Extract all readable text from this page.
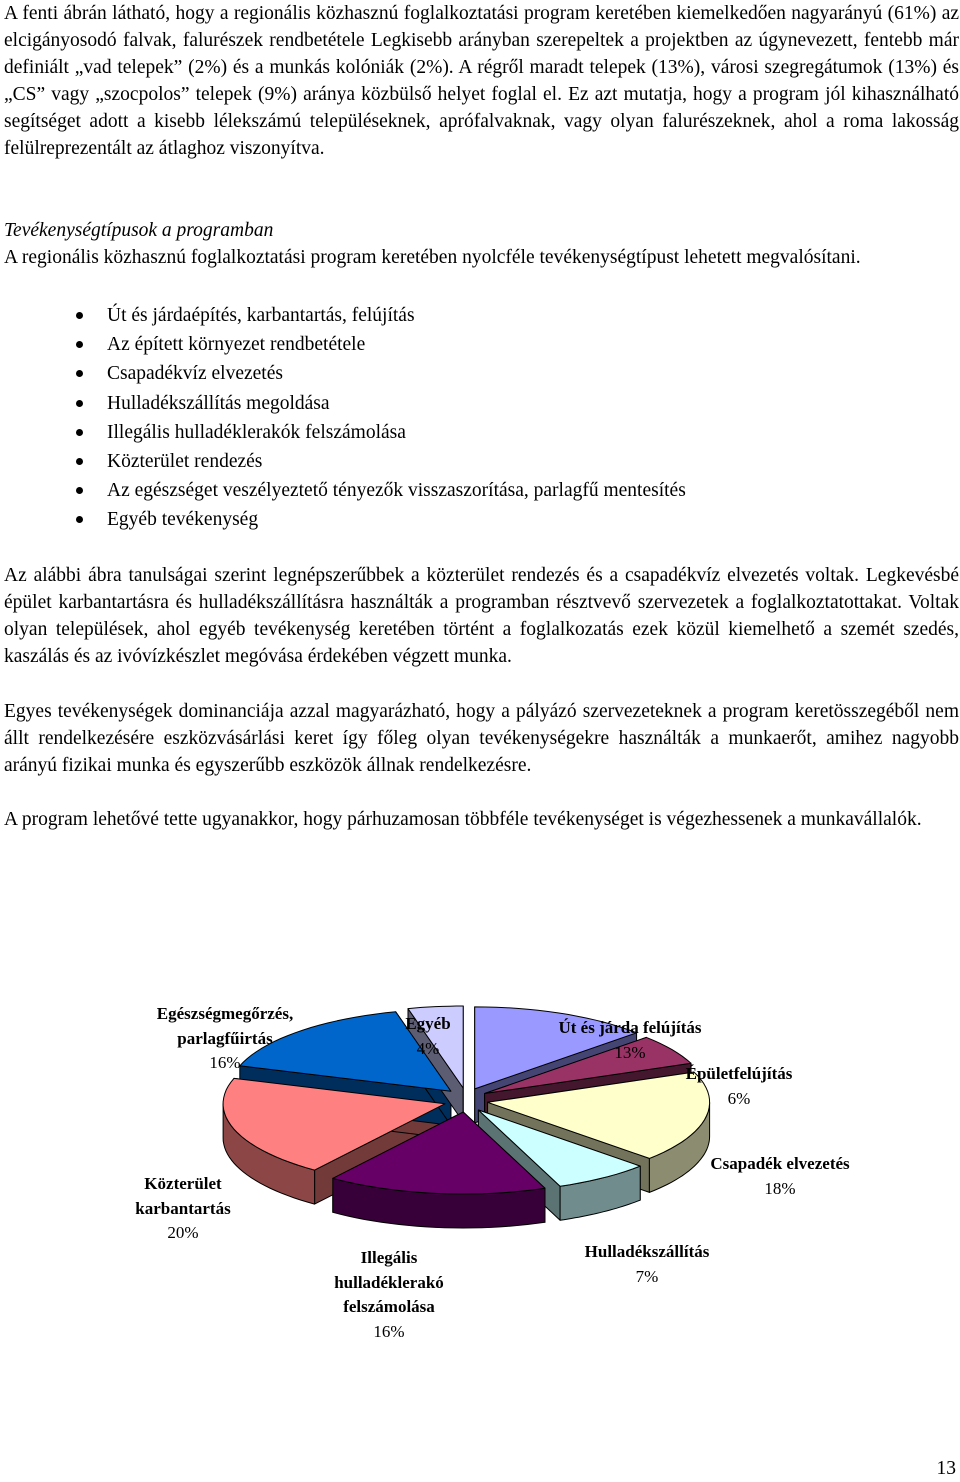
A fenti ábrán látható, hogy a regionális közhasznú foglalkoztatási program keretében kiemelkedően nagyarányú (61%) az elcigányosodó falvak, falurészek rendbetétele Legkisebb arányban szerepeltek a projektben az úgynevezett, fentebb már definiált „vad telepek” (2%) és a munkás kolóniák (2%). A régről maradt telepek (13%), városi szegregátumok (13%) és „CS” vagy „szocpolos” telepek (9%) aránya közbülső helyet foglal el. Ez azt mutatja, hogy a program jól kihasználható segítséget adott a kisebb lélekszámú településeknek, aprófalvaknak, vagy olyan falurészeknek, ahol a roma lakosság felülreprezentált az átlaghoz viszonyítva.

Tevékenységtípusok a programban

A regionális közhasznú foglalkoztatási program keretében nyolcféle tevékenységtípust lehetett megvalósítani.

Út és járdaépítés, karbantartás, felújítás
Az épített környezet rendbetétele
Csapadékvíz elvezetés
Hulladékszállítás megoldása
Illegális hulladéklerakók felszámolása
Közterület rendezés
Az egészséget veszélyeztető tényezők visszaszorítása, parlagfű mentesítés
Egyéb tevékenység

Az alábbi ábra tanulságai szerint legnépszerűbbek a közterület rendezés és a csapadékvíz elvezetés voltak. Legkevésbé épület karbantartásra és hulladékszállításra használták a programban résztvevő szervezetek a foglalkoztatottakat. Voltak olyan települések, ahol egyéb tevékenység keretében történt a foglalkozatás ezek közül kiemelhető a szemét szedés, kaszálás és az ivóvízkészlet megóvása érdekében végzett munka.

Egyes tevékenységek dominanciája azzal magyarázható, hogy a pályázó szervezeteknek a program keretösszegéből nem állt rendelkezésére eszközvásárlási keret így főleg olyan tevékenységekre használták a munkaerőt, amihez nagyobb arányú fizikai munka és egyszerűbb eszközök állnak rendelkezésre.

A program lehetővé tette ugyanakkor, hogy párhuzamosan többféle tevékenységet is végezhessenek a munkavállalók.

Út és járda felújítás
13%
Épületfelújítás
6%
Csapadék elvezetés
18%
Hulladékszállítás
7%
Illegális
hulladéklerakó
felszámolása
16%
Közterület
karbantartás
20%
Egészségmegőrzés,
parlagfűirtás
16%
Egyéb
4%
13
